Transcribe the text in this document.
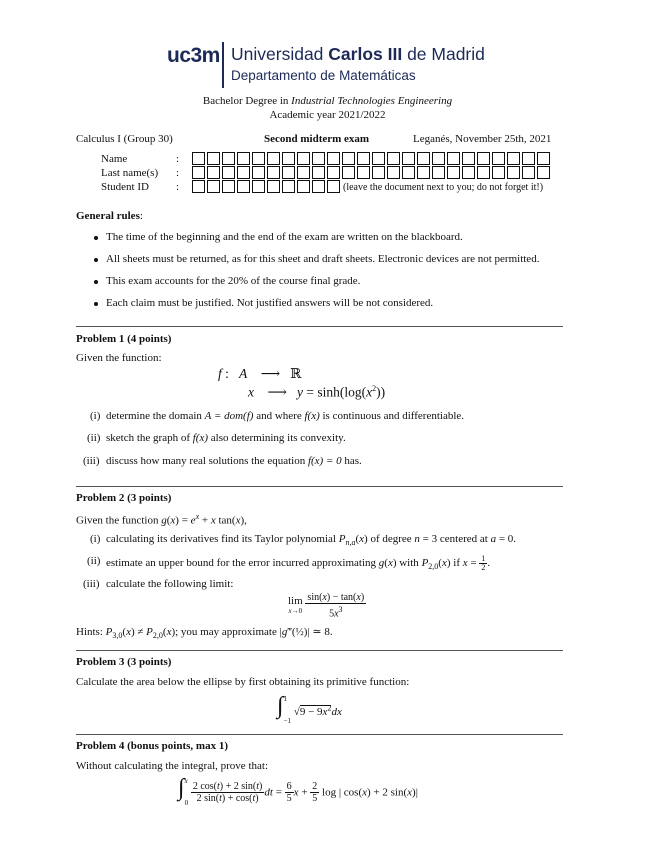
uc3m Universidad Carlos III de Madrid
Departamento de Matemáticas
Bachelor Degree in Industrial Technologies Engineering
Academic year 2021/2022
Calculus I (Group 30)	Second midterm exam	Leganés, November 25th, 2021
Name	:
Last name(s) :
Student ID :	(leave the document next to you; do not forget it!)
General rules:
The time of the beginning and the end of the exam are written on the blackboard.
All sheets must be returned, as for this sheet and draft sheets. Electronic devices are not permitted.
This exam accounts for the 20% of the course final grade.
Each claim must be justified. Not justified answers will be not considered.
Problem 1 (4 points)
Given the function:
f :   A    ⟶   ℝ
x    ⟶   $y = \sinh(\log(x^2))$
(i) determine the domain A = dom(f) and where f(x) is continuous and differentiable.
(ii) sketch the graph of f(x) also determining its convexity.
(iii) discuss how many real solutions the equation f(x) = 0 has.
Problem 2 (3 points)
Given the function $g(x) = e^x + x$ tan(x),
(i) calculating its derivatives find its Taylor polynomial $P_{n,a}(x)$ of degree n = 3 centered at a = 0.
(ii) estimate an upper bound for the error incurred approximating g(x) with $P_{2,0}(x)$ if $x = \frac{1}{2}$ .
(iii) calculate the following limit:
lim
x→0
$\frac{\sin(x) - \tan(x)}{5x^3}$
Hints: $P_{3,0}(x) \ne P_{2,0}(x)$; you may approximate |g‴(½)| ≃ 8.
Problem 3 (3 points)
Calculate the area below the ellipse by first obtaining its primitive function:
∫ 1
−1
$√9 - 9x^2dx$
Problem 4 (bonus points, max 1)
Without calculating the integral, prove that:
∫ x
0
$\frac{2 \cos(t) + 2 \sin(t)}{2 \sin(t) + \cos(t)}$ dt = $\frac{6}{5}$ $x + \frac{2}{5}$ log | cos(x) + 2 sin(x)|
